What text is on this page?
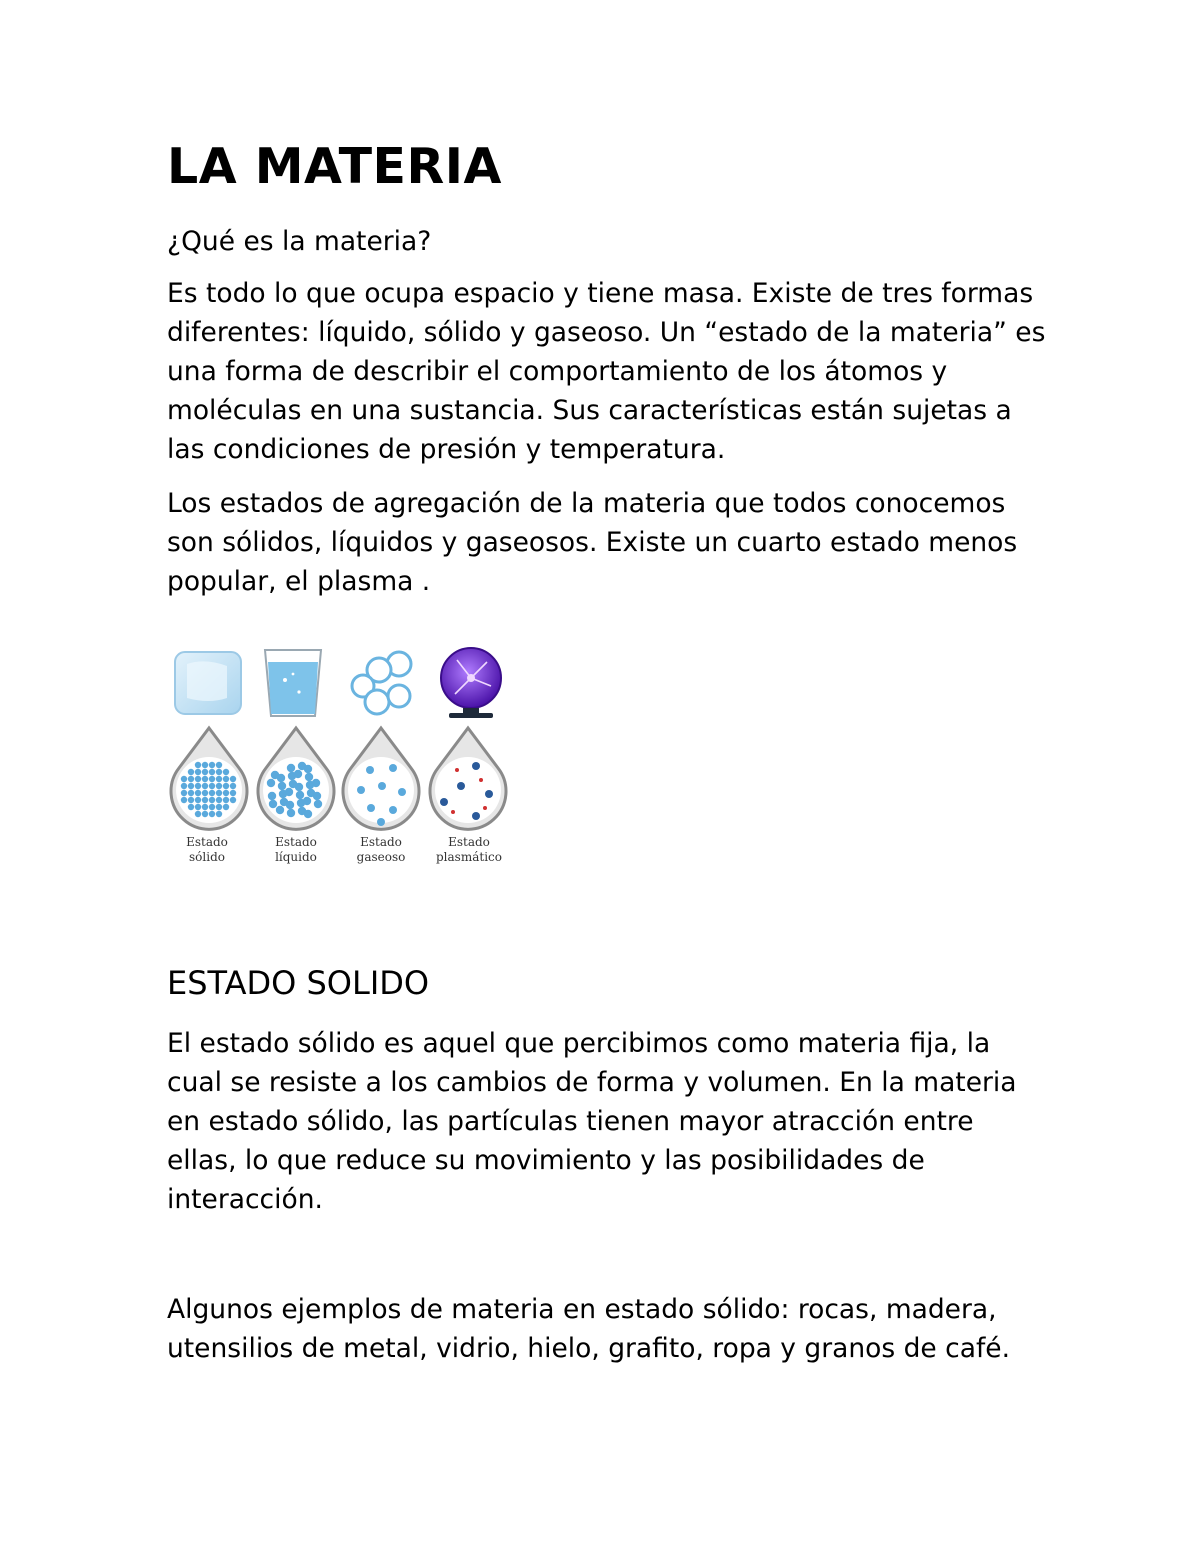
LA MATERIA

¿Qué es la materia?

Es todo lo que ocupa espacio y tiene masa. Existe de tres formas diferentes: líquido, sólido y gaseoso. Un “estado de la materia” es una forma de describir el comportamiento de los átomos y moléculas en una sustancia. Sus características están sujetas a las condiciones de presión y temperatura.

Los estados de agregación de la materia que todos conocemos son sólidos, líquidos y gaseosos. Existe un cuarto estado menos popular, el plasma .

ESTADO SOLIDO

El estado sólido es aquel que percibimos como materia fija, la cual se resiste a los cambios de forma y volumen. En la materia en estado sólido, las partículas tienen mayor atracción entre ellas, lo que reduce su movimiento y las posibilidades de interacción.

Algunos ejemplos de materia en estado sólido: rocas, madera, utensilios de metal, vidrio, hielo, grafito, ropa y granos de café.

Estado
sólido
Estado
líquido
Estado
gaseoso
Estado
plasmático
